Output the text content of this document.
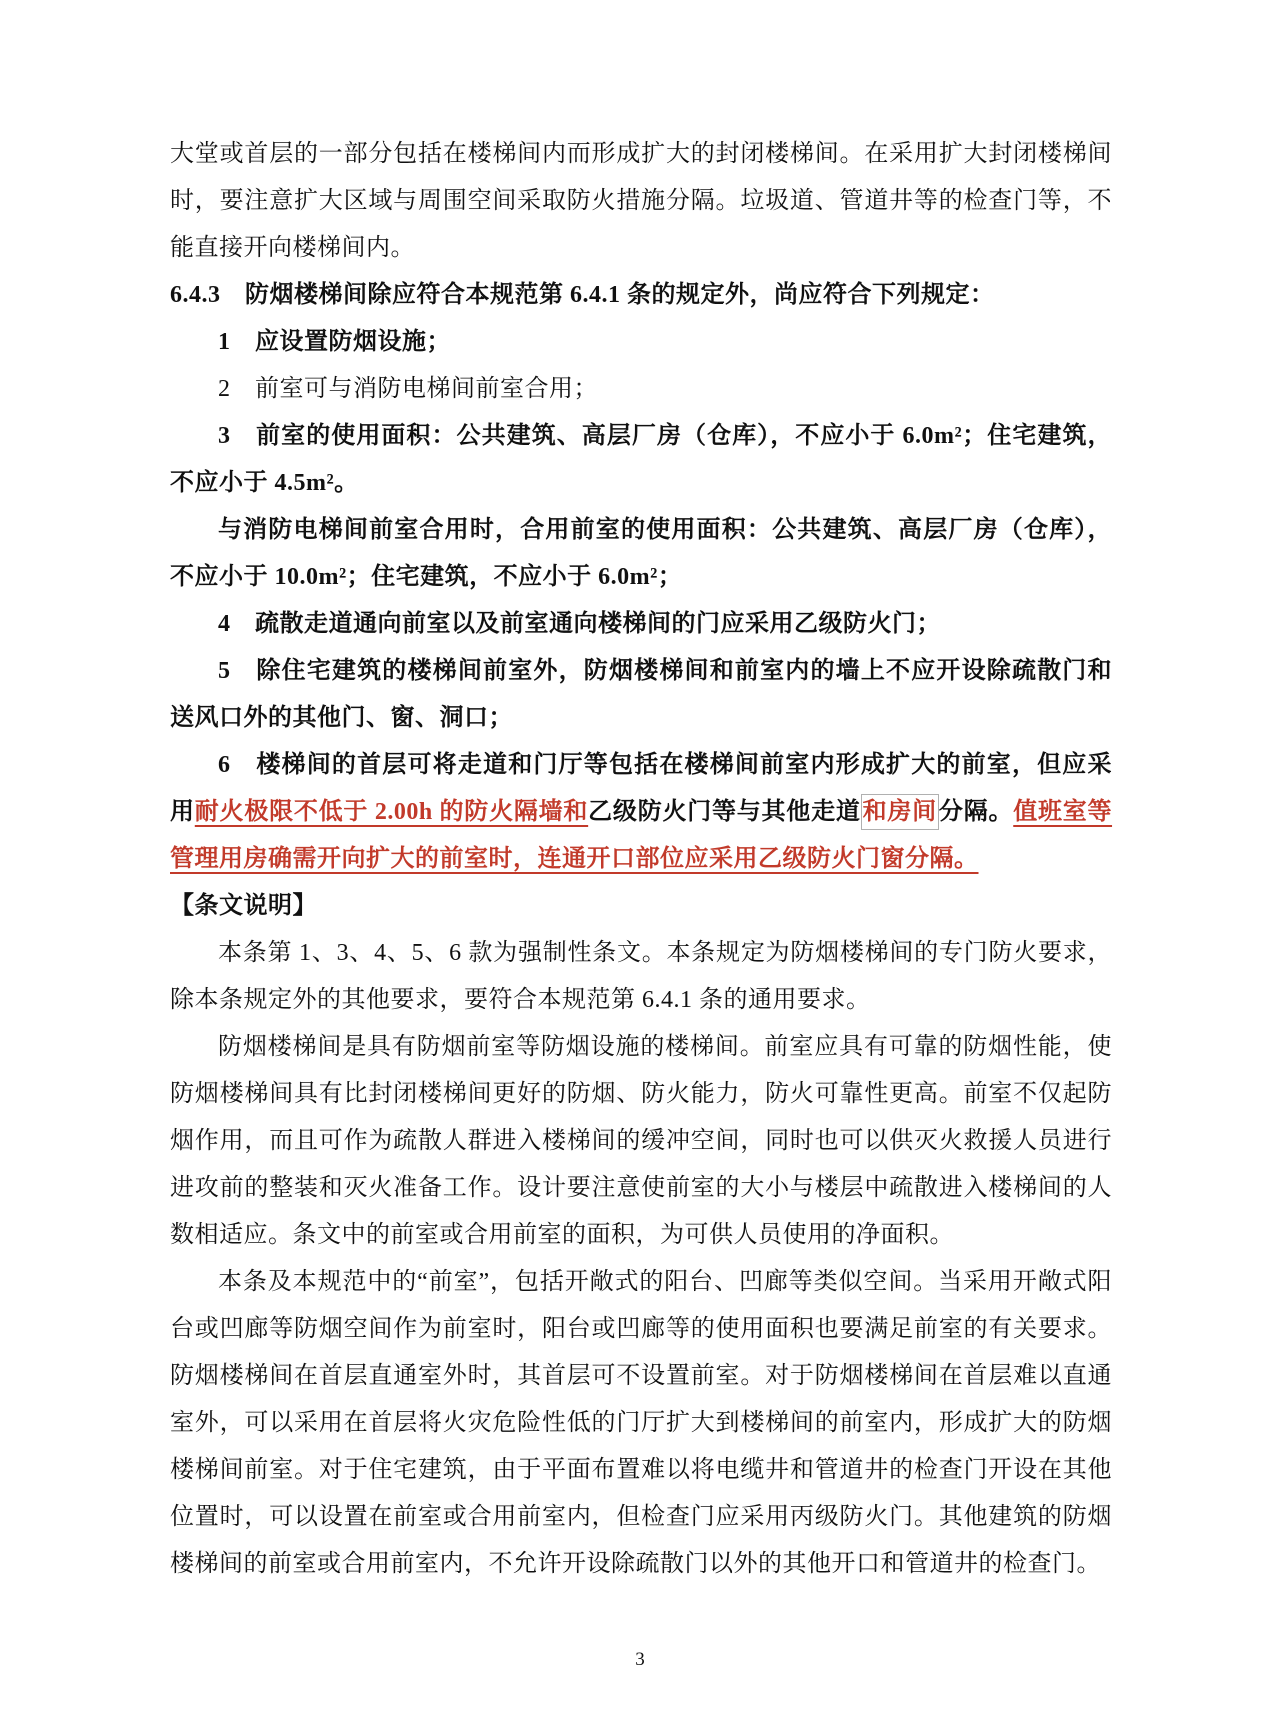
大堂或首层的一部分包括在楼梯间内而形成扩大的封闭楼梯间。在采用扩大封闭楼梯间时，要注意扩大区域与周围空间采取防火措施分隔。垃圾道、管道井等的检查门等，不能直接开向楼梯间内。

6.4.3　防烟楼梯间除应符合本规范第 6.4.1 条的规定外，尚应符合下列规定：

1　应设置防烟设施；

2　前室可与消防电梯间前室合用；

3　前室的使用面积：公共建筑、高层厂房（仓库），不应小于 6.0m²；住宅建筑，不应小于 4.5m²。

与消防电梯间前室合用时，合用前室的使用面积：公共建筑、高层厂房（仓库），不应小于 10.0m²；住宅建筑，不应小于 6.0m²；

4　疏散走道通向前室以及前室通向楼梯间的门应采用乙级防火门；

5　除住宅建筑的楼梯间前室外，防烟楼梯间和前室内的墙上不应开设除疏散门和送风口外的其他门、窗、洞口；

6　楼梯间的首层可将走道和门厅等包括在楼梯间前室内形成扩大的前室，但应采用耐火极限不低于 2.00h 的防火隔墙和乙级防火门等与其他走道和房间分隔。值班室等管理用房确需开向扩大的前室时，连通开口部位应采用乙级防火门窗分隔。

【条文说明】

本条第 1、3、4、5、6 款为强制性条文。本条规定为防烟楼梯间的专门防火要求，除本条规定外的其他要求，要符合本规范第 6.4.1 条的通用要求。

防烟楼梯间是具有防烟前室等防烟设施的楼梯间。前室应具有可靠的防烟性能，使防烟楼梯间具有比封闭楼梯间更好的防烟、防火能力，防火可靠性更高。前室不仅起防烟作用，而且可作为疏散人群进入楼梯间的缓冲空间，同时也可以供灭火救援人员进行进攻前的整装和灭火准备工作。设计要注意使前室的大小与楼层中疏散进入楼梯间的人数相适应。条文中的前室或合用前室的面积，为可供人员使用的净面积。

本条及本规范中的“前室”，包括开敞式的阳台、凹廊等类似空间。当采用开敞式阳台或凹廊等防烟空间作为前室时，阳台或凹廊等的使用面积也要满足前室的有关要求。防烟楼梯间在首层直通室外时，其首层可不设置前室。对于防烟楼梯间在首层难以直通室外，可以采用在首层将火灾危险性低的门厅扩大到楼梯间的前室内，形成扩大的防烟楼梯间前室。对于住宅建筑，由于平面布置难以将电缆井和管道井的检查门开设在其他位置时，可以设置在前室或合用前室内，但检查门应采用丙级防火门。其他建筑的防烟楼梯间的前室或合用前室内，不允许开设除疏散门以外的其他开口和管道井的检查门。

3
